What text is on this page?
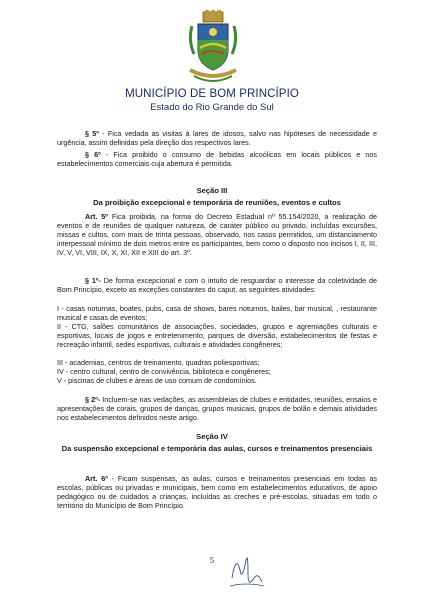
MUNICÍPIO DE BOM PRINCÍPIO
Estado do Rio Grande do Sul
§ 5º - Fica vedada as visitas à lares de idosos, salvo nas hipóteses de necessidade e urgência, assim definidas pela direção dos respectivos lares.
§ 6º - Fica proibido o consumo de bebidas alcoólicas em locais públicos e nos estabelecimentos comerciais cuja abertura é permitida.
Seção III
Da proibição excepcional e temporária de reuniões, eventos e cultos
Art. 5º Fica proibida, na forma do Decreto Estadual nº 55.154/2020, a realização de eventos e de reuniões de qualquer natureza, de caráter público ou privado, incluídas excursões, missas e cultos, com mais de trinta pessoas, observado, nos casos permitidos, um distanciamento interpessoal mínimo de dois metros entre os participantes, bem como o disposto nos incisos I, II, III, IV, V, VI, VIII, IX, X, XI, XII e XIII do art. 3º.
§ 1º- De forma excepcional e com o intuito de resguardar o interesse da coletividade de Bom Princípio, exceto as exceções constantes do caput, as seguintes atividades:
I - casas noturnas, boates, pubs, casa de shows, bares noturnos, bailes, bar musical, , restaurante musical e casas de eventos;
II - CTG, salões comunitários de associações, sociedades, grupos e agremiações culturais e esportivas, locais de jogos e entretenimento, parques de diversão, estabelecimentos de festas e recreação infantil, sedes esportivas, culturais e atividades congêneres;
III - academias, centros de treinamento, quadras poliesportivas;
IV - centro cultural, centro de convivência, biblioteca e congêneres;
V - piscinas de clubes e áreas de uso comum de condomínios.
§ 2º- Incluem-se nas vedações, as assembleias de clubes e entidades, reuniões, ensaios e apresentações de corais, grupos de danças, grupos musicais, grupos de bolão e demais atividades nos estabelecimentos definidos neste artigo.
Seção IV
Da suspensão excepcional e temporária das aulas, cursos e treinamentos presenciais
Art. 6º - Ficam suspensas, as aulas, cursos e treinamentos presenciais em todas as escolas, públicas ou privadas e municipais, bem como em estabelecimentos educativos, de apoio pedagógico ou de cuidados a crianças, incluídas as creches e pré-escolas, situadas em todo o território do Município de Bom Princípio.
5
